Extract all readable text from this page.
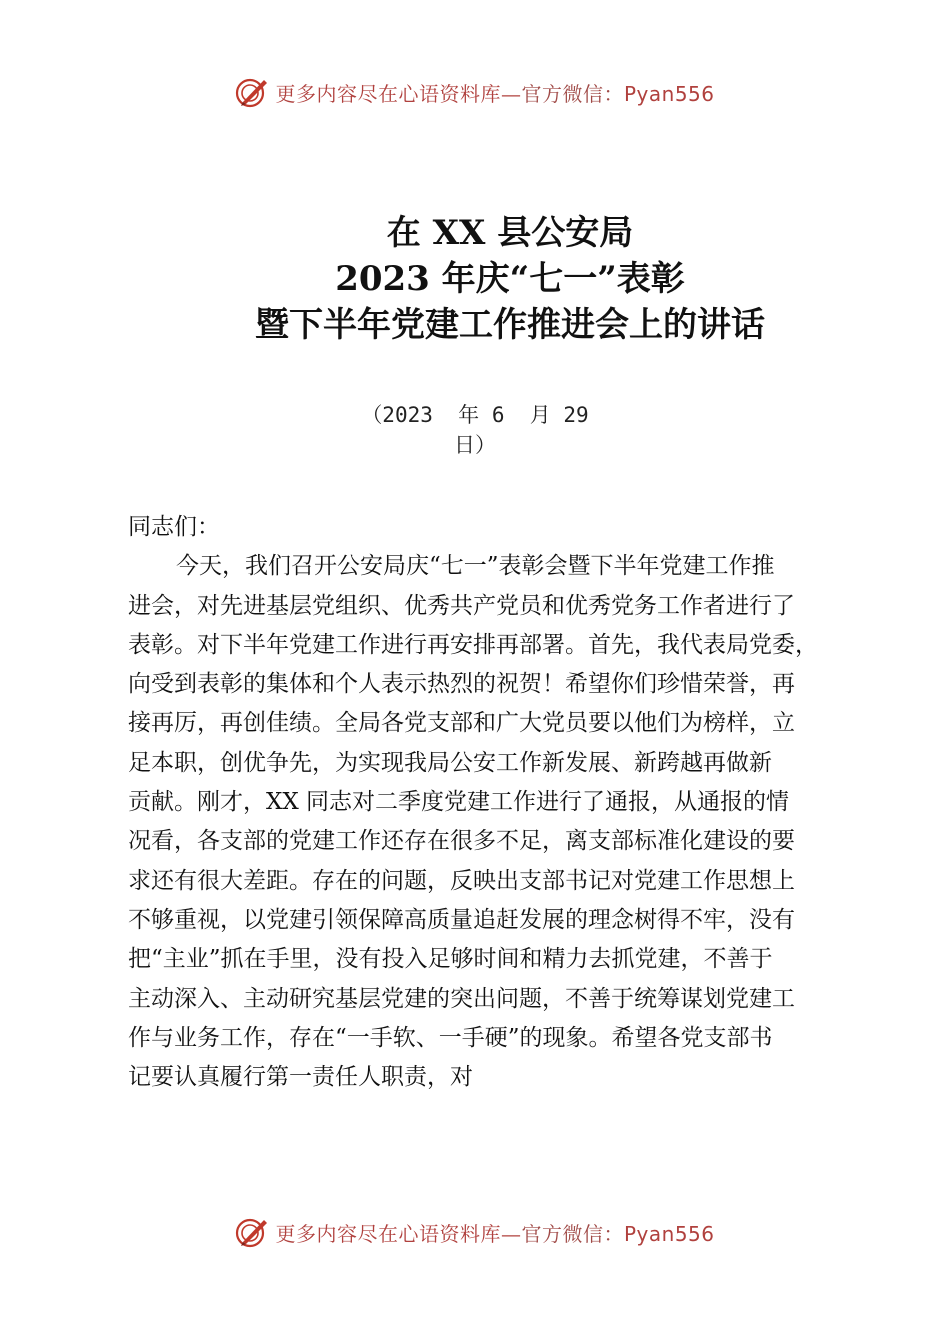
更多内容尽在心语资料库—官方微信：Pyan556
在 XX 县公安局
2023 年庆“七一”表彰
暨下半年党建工作推进会上的讲话
（2023  年 6  月 29
日）
同志们：
今天，我们召开公安局庆“七一”表彰会暨下半年党建工作推
进会，对先进基层党组织、优秀共产党员和优秀党务工作者进行了
表彰。对下半年党建工作进行再安排再部署。首先，我代表局党委，
向受到表彰的集体和个人表示热烈的祝贺！希望你们珍惜荣誉，再
接再厉，再创佳绩。全局各党支部和广大党员要以他们为榜样，立
足本职，创优争先，为实现我局公安工作新发展、新跨越再做新
贡献。刚才，XX 同志对二季度党建工作进行了通报，从通报的情
况看，各支部的党建工作还存在很多不足，离支部标准化建设的要
求还有很大差距。存在的问题，反映出支部书记对党建工作思想上
不够重视，以党建引领保障高质量追赶发展的理念树得不牢，没有
把“主业”抓在手里，没有投入足够时间和精力去抓党建，不善于
主动深入、主动研究基层党建的突出问题，不善于统筹谋划党建工
作与业务工作，存在“一手软、一手硬”的现象。希望各党支部书
记要认真履行第一责任人职责，对
更多内容尽在心语资料库—官方微信：Pyan556
